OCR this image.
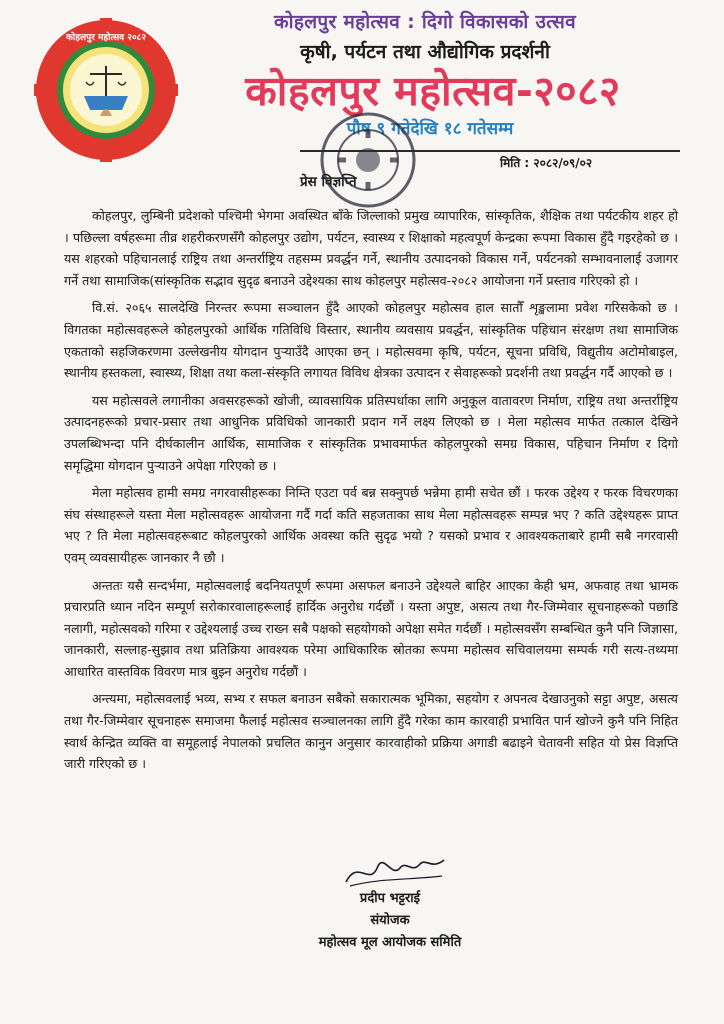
कोहलपुर महोत्सव २०८२
कोहलपुर महोत्सव : दिगो विकासको उत्सव
कृषी, पर्यटन तथा औद्योगिक प्रदर्शनी
कोहलपुर महोत्सव-२०८२
पौष ९ गतेदेखि १८ गतेसम्म
मिति : २०८२/०९/०२
प्रेस विज्ञप्ति

कोहलपुर, लुम्बिनी प्रदेशको पश्चिमी भेगमा अवस्थित बाँके जिल्लाको प्रमुख व्यापारिक, सांस्कृतिक, शैक्षिक तथा पर्यटकीय शहर हो । पछिल्ला वर्षहरूमा तीव्र शहरीकरणसँगै कोहलपुर उद्योग, पर्यटन, स्वास्थ्य र शिक्षाको महत्वपूर्ण केन्द्रका रूपमा विकास हुँदै गइरहेको छ । यस शहरको पहिचानलाई राष्ट्रिय तथा अन्तर्राष्ट्रिय तहसम्म प्रवर्द्धन गर्ने, स्थानीय उत्पादनको विकास गर्ने, पर्यटनको सम्भावनालाई उजागर गर्ने तथा सामाजिक(सांस्कृतिक सद्भाव सुदृढ बनाउने उद्देश्यका साथ कोहलपुर महोत्सव-२०८२ आयोजना गर्ने प्रस्ताव गरिएको हो ।

वि.सं. २०६५ सालदेखि निरन्तर रूपमा सञ्चालन हुँदै आएको कोहलपुर महोत्सव हाल सातौँ शृङ्खलामा प्रवेश गरिसकेको छ । विगतका महोत्सवहरूले कोहलपुरको आर्थिक गतिविधि विस्तार, स्थानीय व्यवसाय प्रवर्द्धन, सांस्कृतिक पहिचान संरक्षण तथा सामाजिक एकताको सहजिकरणमा उल्लेखनीय योगदान पुऱ्याउँदै आएका छन् । महोत्सवमा कृषि, पर्यटन, सूचना प्रविधि, विद्युतीय अटोमोबाइल, स्थानीय हस्तकला, स्वास्थ्य, शिक्षा तथा कला-संस्कृति लगायत विविध क्षेत्रका उत्पादन र सेवाहरूको प्रदर्शनी तथा प्रवर्द्धन गर्दै आएको छ ।

यस महोत्सवले लगानीका अवसरहरूको खोजी, व्यावसायिक प्रतिस्पर्धाका लागि अनुकूल वातावरण निर्माण, राष्ट्रिय तथा अन्तर्राष्ट्रिय उत्पादनहरूको प्रचार-प्रसार तथा आधुनिक प्रविधिको जानकारी प्रदान गर्ने लक्ष्य लिएको छ । मेला महोत्सव मार्फत तत्काल देखिने उपलब्धिभन्दा पनि दीर्घकालीन आर्थिक, सामाजिक र सांस्कृतिक प्रभावमार्फत कोहलपुरको समग्र विकास, पहिचान निर्माण र दिगो समृद्धिमा योगदान पुऱ्याउने अपेक्षा गरिएको छ ।

मेला महोत्सव हामी समग्र नगरवासीहरूका निम्ति एउटा पर्व बन्न सक्नुपर्छ भन्नेमा हामी सचेत छौं । फरक उद्देश्य र फरक विचरणका संघ संस्थाहरूले यस्ता मेला महोत्सवहरू आयोजना गर्दै गर्दा कति सहजताका साथ मेला महोत्सवहरू सम्पन्न भए ? कति उद्देश्यहरू प्राप्त भए ? ति मेला महोत्सवहरूबाट कोहलपुरको आर्थिक अवस्था कति सुदृढ भयो ? यसको प्रभाव र आवश्यकताबारे हामी सबै नगरवासी एवम् व्यवसायीहरू जानकार नै छौ ।

अन्ततः यसै सन्दर्भमा, महोत्सवलाई बदनियतपूर्ण रूपमा असफल बनाउने उद्देश्यले बाहिर आएका केही भ्रम, अफवाह तथा भ्रामक प्रचारप्रति ध्यान नदिन सम्पूर्ण सरोकारवालाहरूलाई हार्दिक अनुरोध गर्दछौं । यस्ता अपुष्ट, असत्य तथा गैर-जिम्मेवार सूचनाहरूको पछाडि नलागी, महोत्सवको गरिमा र उद्देश्यलाई उच्च राख्न सबै पक्षको सहयोगको अपेक्षा समेत गर्दछौं । महोत्सवसँग सम्बन्धित कुनै पनि जिज्ञासा, जानकारी, सल्लाह-सुझाव तथा प्रतिक्रिया आवश्यक परेमा आधिकारिक स्रोतका रूपमा महोत्सव सचिवालयमा सम्पर्क गरी सत्य-तथ्यमा आधारित वास्तविक विवरण मात्र बुझ्न अनुरोध गर्दछौं ।

अन्त्यमा, महोत्सवलाई भव्य, सभ्य र सफल बनाउन सबैको सकारात्मक भूमिका, सहयोग र अपनत्व देखाउनुको सट्टा अपुष्ट, असत्य तथा गैर-जिम्मेवार सूचनाहरू समाजमा फैलाई महोत्सव सञ्चालनका लागि हुँदै गरेका काम कारवाही प्रभावित पार्न खोज्ने कुनै पनि निहित स्वार्थ केन्द्रित व्यक्ति वा समूहलाई नेपालको प्रचलित कानुन अनुसार कारवाहीको प्रक्रिया अगाडी बढाइने चेतावनी सहित यो प्रेस विज्ञप्ति जारी गरिएको छ ।

प्रदीप भट्टराई
संयोजक
महोत्सव मूल आयोजक समिति
